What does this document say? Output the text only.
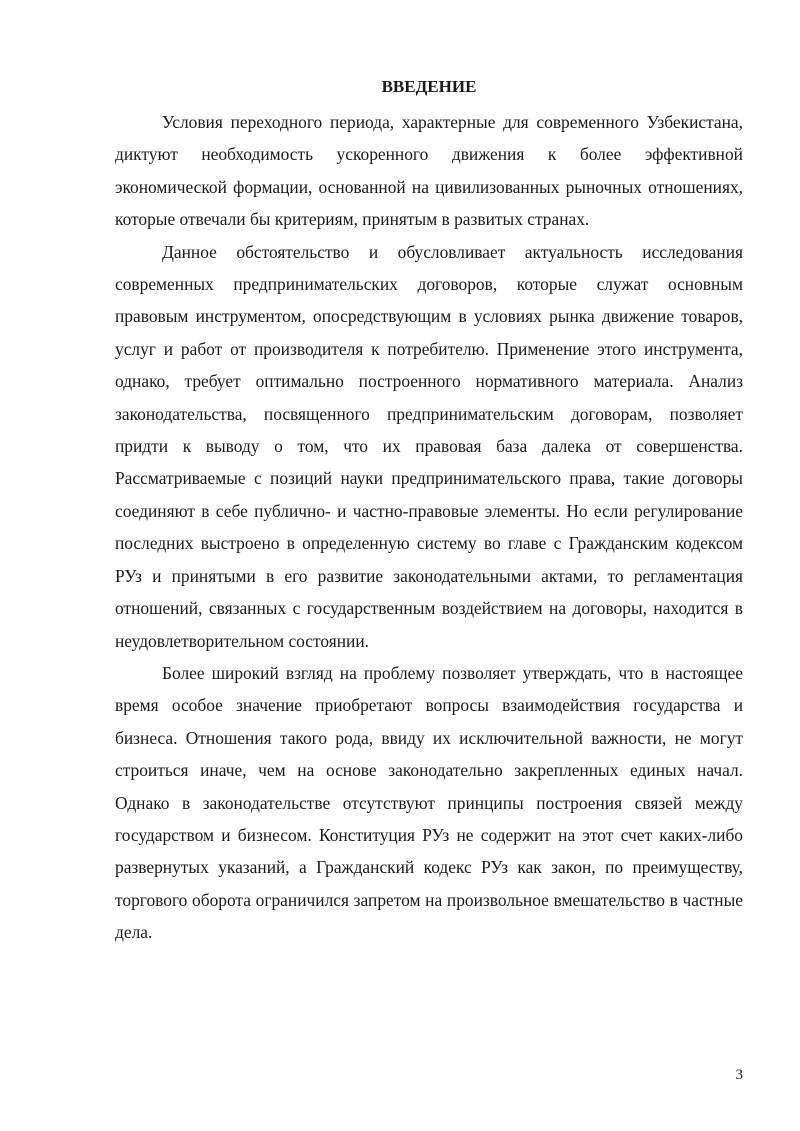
ВВЕДЕНИЕ

Условия переходного периода, характерные для современного Узбекистана, диктуют необходимость ускоренного движения к более эффективной экономической формации, основанной на цивилизованных рыночных отношениях, которые отвечали бы критериям, принятым в развитых странах.

Данное обстоятельство и обусловливает актуальность исследования современных предпринимательских договоров, которые служат основным правовым инструментом, опосредствующим в условиях рынка движение товаров, услуг и работ от производителя к потребителю. Применение этого инструмента, однако, требует оптимально построенного нормативного материала. Анализ законодательства, посвященного предпринимательским договорам, позволяет придти к выводу о том, что их правовая база далека от совершенства. Рассматриваемые с позиций науки предпринимательского права, такие договоры соединяют в себе публично- и частно-правовые элементы. Но если регулирование последних выстроено в определенную систему во главе с Гражданским кодексом РУз и принятыми в его развитие законодательными актами, то регламентация отношений, связанных с государственным воздействием на договоры, находится в неудовлетворительном состоянии.

Более широкий взгляд на проблему позволяет утверждать, что в настоящее время особое значение приобретают вопросы взаимодействия государства и бизнеса. Отношения такого рода, ввиду их исключительной важности, не могут строиться иначе, чем на основе законодательно закрепленных единых начал. Однако в законодательстве отсутствуют принципы построения связей между государством и бизнесом. Конституция РУз не содержит на этот счет каких-либо развернутых указаний, а Гражданский кодекс РУз как закон, по преимуществу, торгового оборота ограничился запретом на произвольное вмешательство в частные дела.

3
